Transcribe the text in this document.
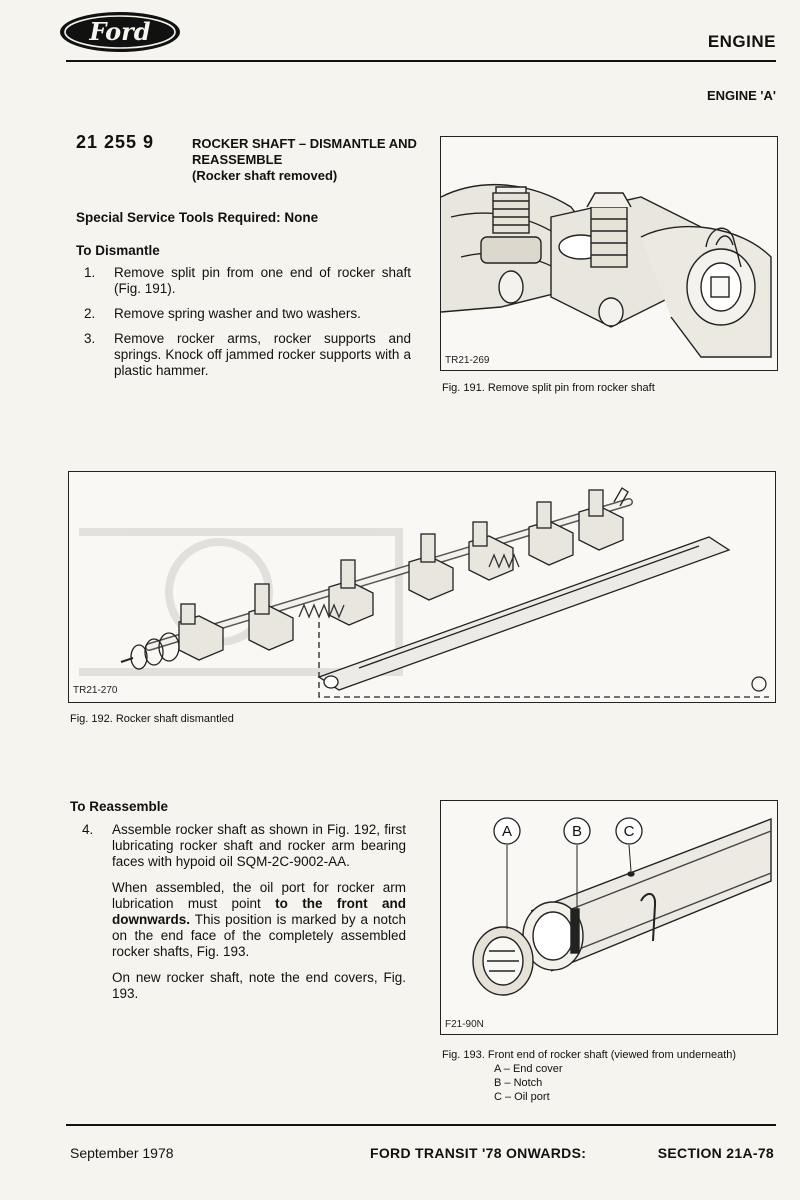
Ford	ENGINE
ENGINE 'A'
21 255 9	ROCKER SHAFT – DISMANTLE AND REASSEMBLE
(Rocker shaft removed)
Special Service Tools Required: None
To Dismantle
1.	Remove split pin from one end of rocker shaft (Fig. 191).
2.	Remove spring washer and two washers.
3.	Remove rocker arms, rocker supports and springs. Knock off jammed rocker supports with a plastic hammer.
TR21-269
Fig. 191. Remove split pin from rocker shaft
TR21-270
Fig. 192. Rocker shaft dismantled
To Reassemble
4.	Assemble rocker shaft as shown in Fig. 192, first lubricating rocker shaft and rocker arm bearing faces with hypoid oil SQM-2C-9002-AA.

When assembled, the oil port for rocker arm lubrication must point to the front and downwards. This position is marked by a notch on the end face of the completely assembled rocker shafts, Fig. 193.

On new rocker shaft, note the end covers, Fig. 193.

A	B	C
F21-90N
Fig. 193. Front end of rocker shaft (viewed from underneath)
A – End cover
B – Notch
C – Oil port
September 1978	FORD TRANSIT '78 ONWARDS:	SECTION 21A-78
